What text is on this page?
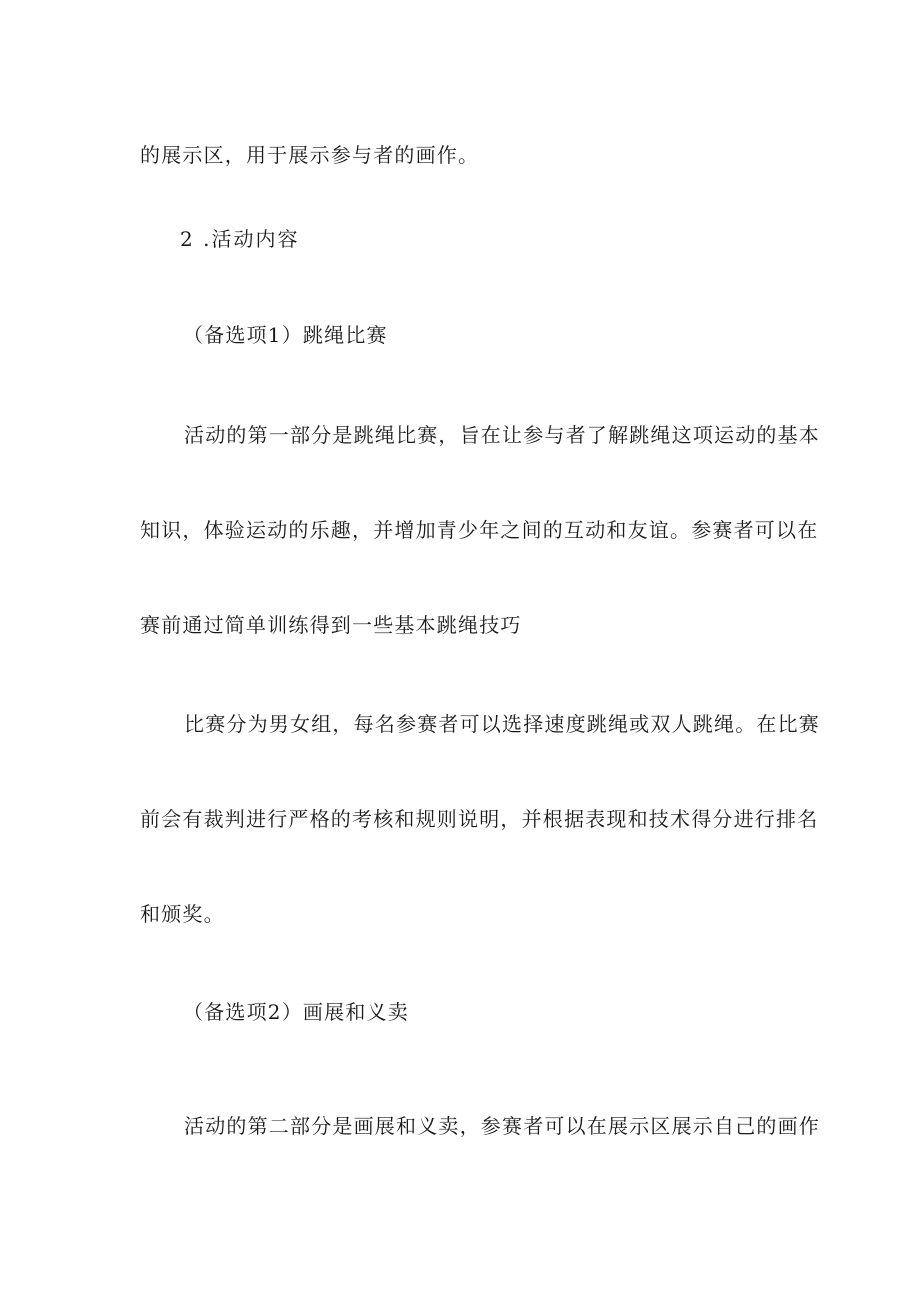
的展示区，用于展示参与者的画作。
2 .活动内容
（备选项1）跳绳比赛
活动的第一部分是跳绳比赛，旨在让参与者了解跳绳这项运动的基本
知识，体验运动的乐趣，并增加青少年之间的互动和友谊。参赛者可以在
赛前通过简单训练得到一些基本跳绳技巧
比赛分为男女组，每名参赛者可以选择速度跳绳或双人跳绳。在比赛
前会有裁判进行严格的考核和规则说明，并根据表现和技术得分进行排名
和颁奖。
（备选项2）画展和义卖
活动的第二部分是画展和义卖，参赛者可以在展示区展示自己的画作
